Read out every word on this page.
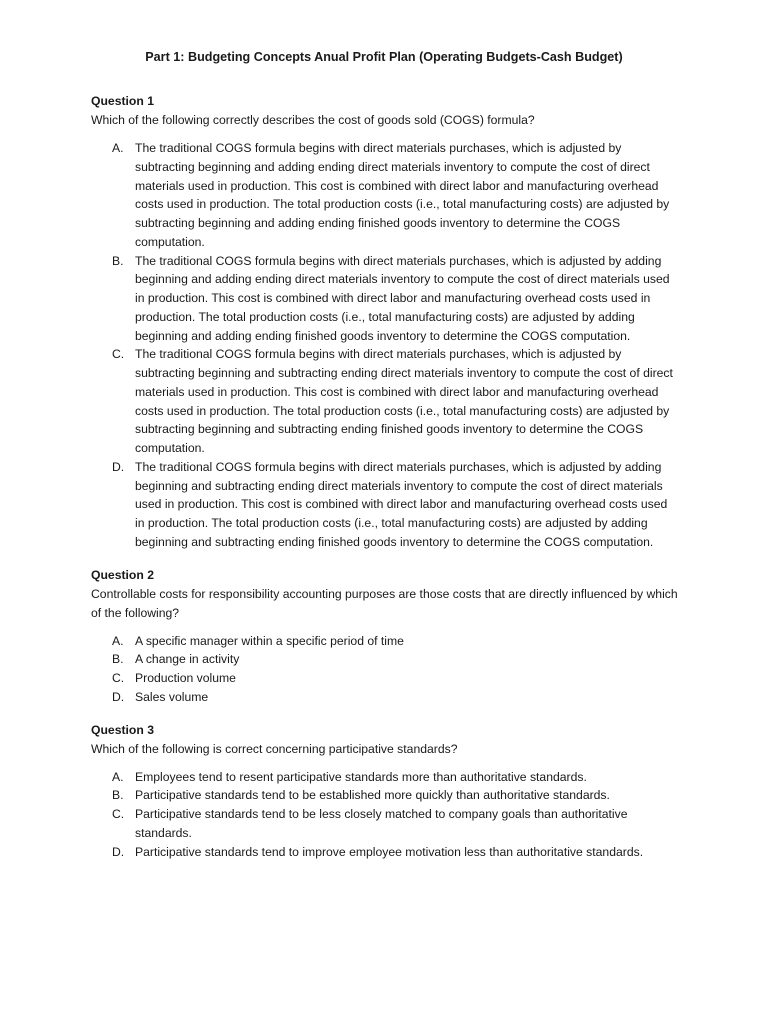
Part 1: Budgeting Concepts Anual Profit Plan (Operating Budgets-Cash Budget)

Question 1

Which of the following correctly describes the cost of goods sold (COGS) formula?

A. The traditional COGS formula begins with direct materials purchases, which is adjusted by subtracting beginning and adding ending direct materials inventory to compute the cost of direct materials used in production. This cost is combined with direct labor and manufacturing overhead costs used in production. The total production costs (i.e., total manufacturing costs) are adjusted by subtracting beginning and adding ending finished goods inventory to determine the COGS computation.
B. The traditional COGS formula begins with direct materials purchases, which is adjusted by adding beginning and adding ending direct materials inventory to compute the cost of direct materials used in production. This cost is combined with direct labor and manufacturing overhead costs used in production. The total production costs (i.e., total manufacturing costs) are adjusted by adding beginning and adding ending finished goods inventory to determine the COGS computation.
C. The traditional COGS formula begins with direct materials purchases, which is adjusted by subtracting beginning and subtracting ending direct materials inventory to compute the cost of direct materials used in production. This cost is combined with direct labor and manufacturing overhead costs used in production. The total production costs (i.e., total manufacturing costs) are adjusted by subtracting beginning and subtracting ending finished goods inventory to determine the COGS computation.
D. The traditional COGS formula begins with direct materials purchases, which is adjusted by adding beginning and subtracting ending direct materials inventory to compute the cost of direct materials used in production. This cost is combined with direct labor and manufacturing overhead costs used in production. The total production costs (i.e., total manufacturing costs) are adjusted by adding beginning and subtracting ending finished goods inventory to determine the COGS computation.

Question 2

Controllable costs for responsibility accounting purposes are those costs that are directly influenced by which of the following?

A. A specific manager within a specific period of time
B. A change in activity
C. Production volume
D. Sales volume

Question 3

Which of the following is correct concerning participative standards?

A. Employees tend to resent participative standards more than authoritative standards.
B. Participative standards tend to be established more quickly than authoritative standards.
C. Participative standards tend to be less closely matched to company goals than authoritative standards.
D. Participative standards tend to improve employee motivation less than authoritative standards.
